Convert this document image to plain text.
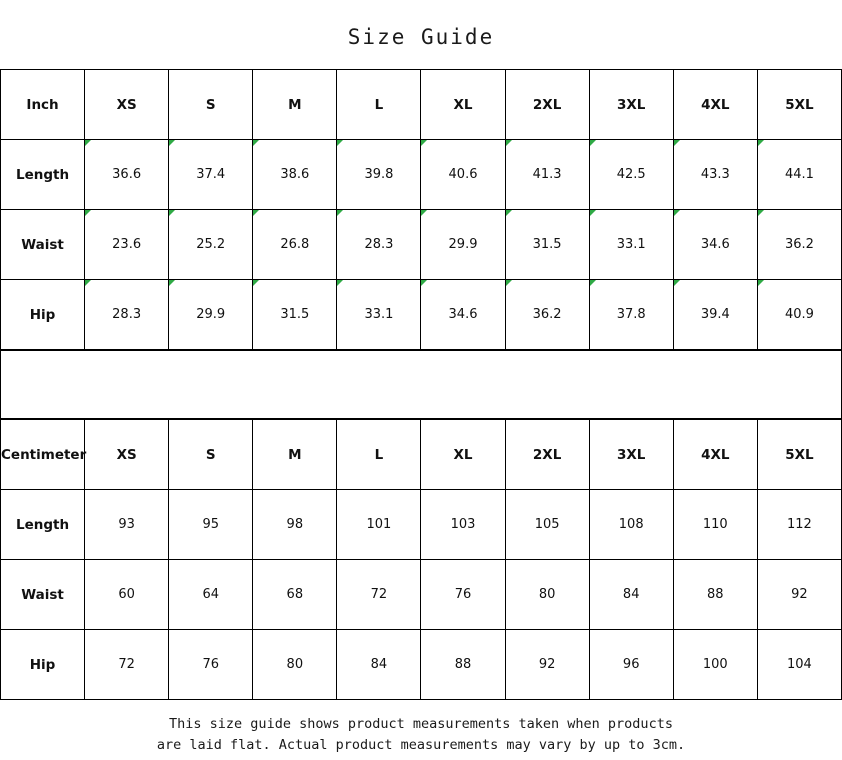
Size Guide
Inch	XS	S	M	L	XL	2XL	3XL	4XL	5XL
Length	36.6	37.4	38.6	39.8	40.6	41.3	42.5	43.3	44.1
Waist	23.6	25.2	26.8	28.3	29.9	31.5	33.1	34.6	36.2
Hip	28.3	29.9	31.5	33.1	34.6	36.2	37.8	39.4	40.9
Centimeter	XS	S	M	L	XL	2XL	3XL	4XL	5XL
Length	93	95	98	101	103	105	108	110	112
Waist	60	64	68	72	76	80	84	88	92
Hip	72	76	80	84	88	92	96	100	104
This size guide shows product measurements taken when products
are laid flat. Actual product measurements may vary by up to 3cm.
